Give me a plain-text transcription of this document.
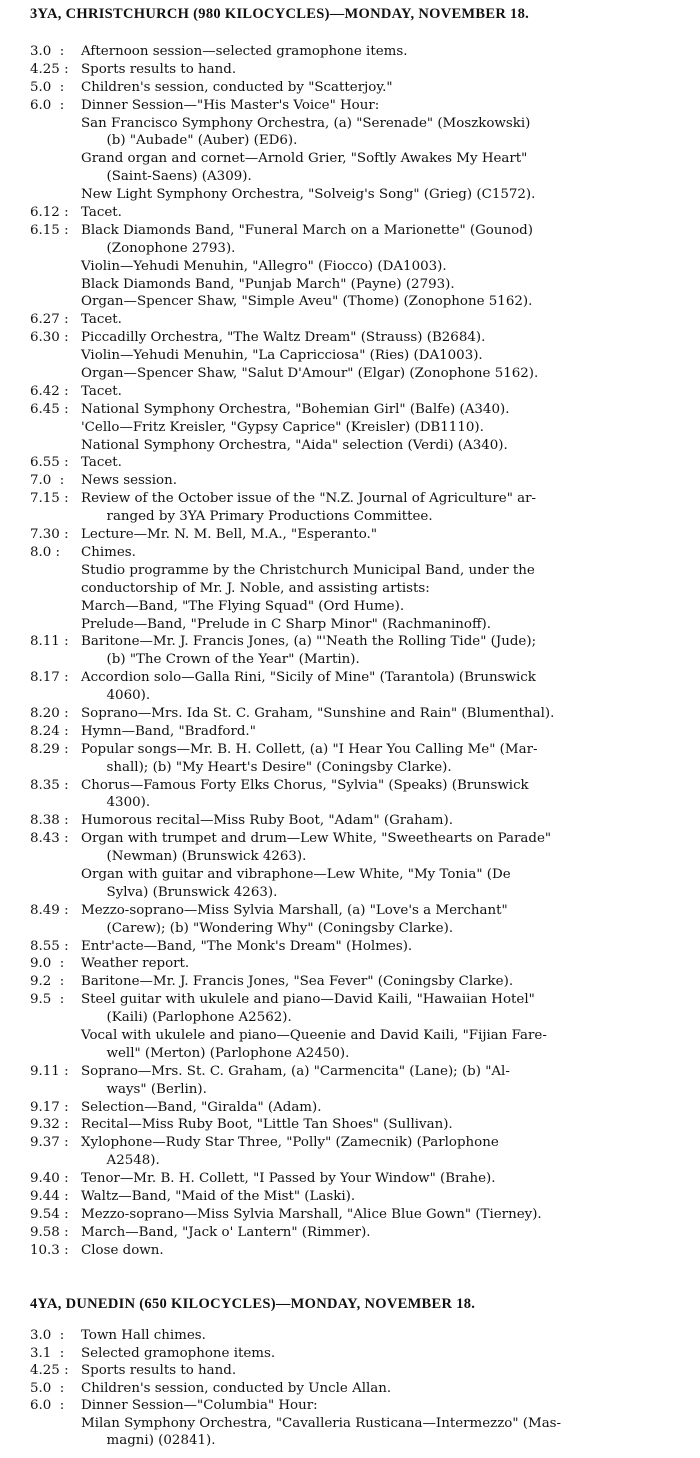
3YA, CHRISTCHURCH (980 KILOCYCLES)—MONDAY, NOVEMBER 18.
3.0  :	Afternoon session—selected gramophone items.
4.25 : Sports results to hand.
5.0  :	Children's session, conducted by "Scatterjoy."
6.0  :	Dinner Session—"His Master's Voice" Hour:
San Francisco Symphony Orchestra, (a) "Serenade" (Moszkowski)
(b) "Aubade" (Auber) (ED6).
Grand organ and cornet—Arnold Grier, "Softly Awakes My Heart"
(Saint-Saens) (A309).
New Light Symphony Orchestra, "Solveig's Song" (Grieg) (C1572).
6.12 : Tacet.
6.15 : Black Diamonds Band, "Funeral March on a Marionette" (Gounod)
(Zonophone 2793).
Violin—Yehudi Menuhin, "Allegro" (Fiocco) (DA1003).
Black Diamonds Band, "Punjab March" (Payne) (2793).
Organ—Spencer Shaw, "Simple Aveu" (Thome) (Zonophone 5162).
6.27 : Tacet.
6.30 : Piccadilly Orchestra, "The Waltz Dream" (Strauss) (B2684).
Violin—Yehudi Menuhin, "La Capricciosa" (Ries) (DA1003).
Organ—Spencer Shaw, "Salut D'Amour" (Elgar) (Zonophone 5162).
6.42 : Tacet.
6.45 : National Symphony Orchestra, "Bohemian Girl" (Balfe) (A340).
'Cello—Fritz Kreisler, "Gypsy Caprice" (Kreisler) (DB1110).
National Symphony Orchestra, "Aida" selection (Verdi) (A340).
6.55 : Tacet.
7.0  :	News session.
7.15 : Review of the October issue of the "N.Z. Journal of Agriculture" ar-
ranged by 3YA Primary Productions Committee.
7.30 : Lecture—Mr. N. M. Bell, M.A., "Esperanto."
8.0 :	Chimes.
Studio programme by the Christchurch Municipal Band, under the
conductorship of Mr. J. Noble, and assisting artists:
March—Band, "The Flying Squad" (Ord Hume).
Prelude—Band, "Prelude in C Sharp Minor" (Rachmaninoff).
8.11 : Baritone—Mr. J. Francis Jones, (a) "'Neath the Rolling Tide" (Jude);
(b) "The Crown of the Year" (Martin).
8.17 : Accordion solo—Galla Rini, "Sicily of Mine" (Tarantola) (Brunswick
4060).
8.20 : Soprano—Mrs. Ida St. C. Graham, "Sunshine and Rain" (Blumenthal).
8.24 : Hymn—Band, "Bradford."
8.29 : Popular songs—Mr. B. H. Collett, (a) "I Hear You Calling Me" (Mar-
shall); (b) "My Heart's Desire" (Coningsby Clarke).
8.35 : Chorus—Famous Forty Elks Chorus, "Sylvia" (Speaks) (Brunswick
4300).
8.38 : Humorous recital—Miss Ruby Boot, "Adam" (Graham).
8.43 : Organ with trumpet and drum—Lew White, "Sweethearts on Parade"
(Newman) (Brunswick 4263).
Organ with guitar and vibraphone—Lew White, "My Tonia" (De
Sylva) (Brunswick 4263).
8.49 : Mezzo-soprano—Miss Sylvia Marshall, (a) "Love's a Merchant"
(Carew); (b) "Wondering Why" (Coningsby Clarke).
8.55 : Entr'acte—Band, "The Monk's Dream" (Holmes).
9.0  :	Weather report.
9.2  :	Baritone—Mr. J. Francis Jones, "Sea Fever" (Coningsby Clarke).
9.5  :	Steel guitar with ukulele and piano—David Kaili, "Hawaiian Hotel"
(Kaili) (Parlophone A2562).
Vocal with ukulele and piano—Queenie and David Kaili, "Fijian Fare-
well" (Merton) (Parlophone A2450).
9.11 : Soprano—Mrs. St. C. Graham, (a) "Carmencita" (Lane); (b) "Al-
ways" (Berlin).
9.17 : Selection—Band, "Giralda" (Adam).
9.32 : Recital—Miss Ruby Boot, "Little Tan Shoes" (Sullivan).
9.37 : Xylophone—Rudy Star Three, "Polly" (Zamecnik) (Parlophone
A2548).
9.40 : Tenor—Mr. B. H. Collett, "I Passed by Your Window" (Brahe).
9.44 : Waltz—Band, "Maid of the Mist" (Laski).
9.54 : Mezzo-soprano—Miss Sylvia Marshall, "Alice Blue Gown" (Tierney).
9.58 : March—Band, "Jack o' Lantern" (Rimmer).
10.3 : Close down.
4YA, DUNEDIN (650 KILOCYCLES)—MONDAY, NOVEMBER 18.
3.0  :	Town Hall chimes.
3.1  :	Selected gramophone items.
4.25 : Sports results to hand.
5.0  :	Children's session, conducted by Uncle Allan.
6.0  :	Dinner Session—"Columbia" Hour:
Milan Symphony Orchestra, "Cavalleria Rusticana—Intermezzo" (Mas-
magni) (02841).
